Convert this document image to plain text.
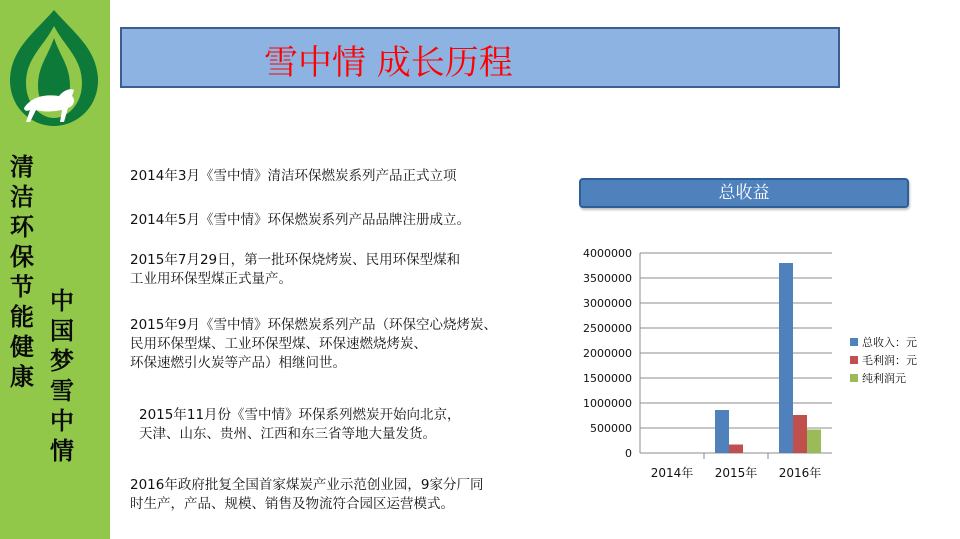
清洁环保节能健康
中国梦雪中情
雪中情 成长历程
2014年3月《雪中情》清洁环保燃炭系列产品正式立项
2014年5月《雪中情》环保燃炭系列产品品牌注册成立。
2015年7月29日，第一批环保烧烤炭、民用环保型煤和
工业用环保型煤正式量产。
2015年9月《雪中情》环保燃炭系列产品（环保空心烧烤炭、
民用环保型煤、工业环保型煤、环保速燃烧烤炭、
环保速燃引火炭等产品）相继问世。
2015年11月份《雪中情》环保系列燃炭开始向北京，
天津、山东、贵州、江西和东三省等地大量发货。
2016年政府批复全国首家煤炭产业示范创业园，9家分厂同
时生产，产品、规模、销售及物流符合园区运营模式。
总收益
0
500000
1000000
1500000
2000000
2500000
3000000
3500000
4000000
2014年 2015年 2016年
总收入：元
毛利润：元
纯利润元
